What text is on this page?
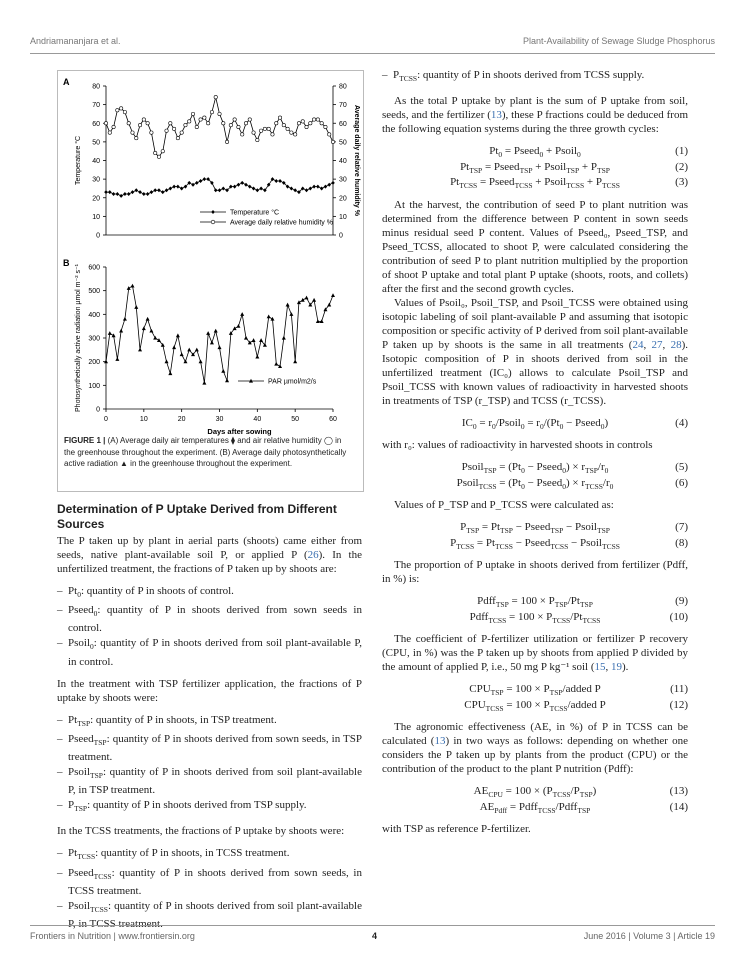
Andriamananjara et al.	Plant-Availability of Sewage Sludge Phosphorus
A
0
10
20
30
40
50
60
70
80
0
10
20
30
40
50
60
70
80
Average daily relative humidity %
Temperature °C
Temperature °C
Average daily relative humidity %
B
0
100
200
300
400
500
600
0	10	20	30	40	50	60
Days after sowing
Photosynthetically active radiation µmol m⁻² s⁻¹	PAR µmol/m2/s
FIGURE 1 | (A) Average daily air temperatures ⧫ and air relative humidity ◯ in the greenhouse throughout the experiment. (B) Average daily photosynthetically active radiation ▲ in the greenhouse throughout the experiment.
Determination of P Uptake Derived from Different Sources

The P taken up by plant in aerial parts (shoots) came either from seeds, native plant-available soil P, or applied P (26). In the unfertilized treatment, the fractions of P taken up by shoots are:

– $Pt_0$: quantity of P in shoots of control.
– Pseed$_0$: quantity of P in shoots derived from sown seeds in control.
– Psoil$_0$: quantity of P in shoots derived from soil plant-available P, in control.

In the treatment with TSP fertilizer application, the fractions of P uptake by shoots were:

– $Pt_{TSP}$: quantity of P in shoots, in TSP treatment.
– Pseed$_{TSP}$: quantity of P in shoots derived from sown seeds, in TSP treatment.
– Psoil$_{TSP}$: quantity of P in shoots derived from soil plant-available P, in TSP treatment.
– $P_{TSP}$: quantity of P in shoots derived from TSP supply.

In the TCSS treatments, the fractions of P uptake by shoots were:

– $Pt_{TCSS}$: quantity of P in shoots, in TCSS treatment.
– Pseed$_{TCSS}$: quantity of P in shoots derived from sown seeds, in TCSS treatment.
– Psoil$_{TCSS}$: quantity of P in shoots derived from soil plant-available P, in TCSS treatment.
– $P_{TCSS}$: quantity of P in shoots derived from TCSS supply.

As the total P uptake by plant is the sum of P uptake from soil, seeds, and the fertilizer (13), these P fractions could be deduced from the following equation systems during the three growth cycles:

$Pt_0$ = Pseed$_0$ + Psoil$_0$	(1)
$Pt_{TSP}$ = Pseed$_{TSP}$ + Psoil$_{TSP}$ + $P_{TSP}$	(2)
$Pt_{TCSS}$ = Pseed$_{TCSS}$ + Psoil$_{TCSS}$ + $P_{TCSS}$	(3)

At the harvest, the contribution of seed P to plant nutrition was determined from the difference between P content in sown seeds minus residual seed P content. Values of Pseed₀, Pseed_TSP, and Pseed_TCSS, allocated to shoot P, were calculated considering the contribution of seed P to plant nutrition multiplied by the proportion of shoot P uptake and total plant P uptake (shoots, roots, and collets) after the first and the second growth cycles.

Values of Psoil₀, Psoil_TSP, and Psoil_TCSS were obtained using isotopic labeling of soil plant-available P and assuming that isotopic composition or specific activity of P derived from soil plant-available P taken up by shoots is the same in all treatments (24, 27, 28). Isotopic composition of P in shoots derived from soil in the unfertilized treatment (IC₀) allows to calculate Psoil_TSP and Psoil_TCSS with known values of radioactivity in harvested shoots in treatments of TSP (r_TSP) and TCSS (r_TCSS).

$IC_0$ = $r_0/Psoil_0 = r_0/(Pt_0$ − Pseed$_0$)	(4)

with r₀: values of radioactivity in harvested shoots in controls

Psoil$_{TSP}$ = ($Pt_0$ − Pseed$_0$) × $r_{TSP}/r_0$	(5)
Psoil$_{TCSS}$ = ($Pt_0$ − Pseed$_0$) × $r_{TCSS}/r_0$	(6)

Values of P_TSP and P_TCSS were calculated as:

$P_{TSP} = Pt_{TSP}$ − Pseed$_{TSP}$ − Psoil$_{TSP}$	(7)
$P_{TCSS} = Pt_{TCSS}$ − Pseed$_{TCSS}$ − Psoil$_{TCSS}$	(8)

The proportion of P uptake in shoots derived from fertilizer (Pdff, in %) is:

Pdff$_{TSP}$ = $100 \times P_{TSP}/Pt_{TSP}$	(9)
Pdff$_{TCSS}$ = $100 \times P_{TCSS}/Pt_{TCSS}$	(10)

The coefficient of P-fertilizer utilization or fertilizer P recovery (CPU, in %) was the P taken up by shoots from applied P divided by the amount of applied P, i.e., 50 mg P kg⁻¹ soil (15, 19).

$CPU_{TSP} = 100$ × $P_{TSP}$/added P	(11)
$CPU_{TCSS} = 100$ × $P_{TCSS}$/added P	(12)

The agronomic effectiveness (AE, in %) of P in TCSS can be calculated (13) in two ways as follows: depending on whether one considers the P taken up by plants from the product (CPU) or the contribution of the product to the plant P nutrition (Pdff):

$AE_{CPU} = 100 \times (P_{TCSS}/P_{TSP})$	(13)
$AE_{Pdff}$ = Pdff$_{TCSS}$/Pdff$_{TSP}$	(14)

with TSP as reference P-fertilizer.

Frontiers in Nutrition | www.frontiersin.org	4	June 2016 | Volume 3 | Article 19
